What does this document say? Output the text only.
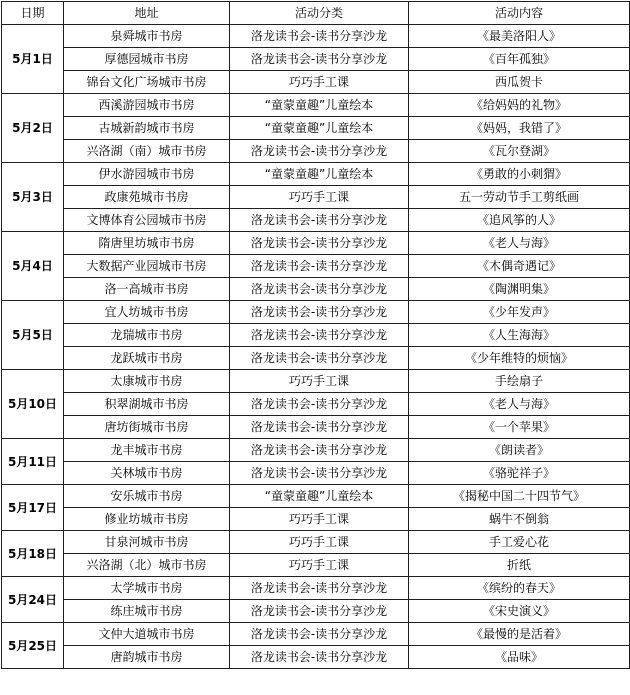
日期	地址	活动分类	活动内容
5月1日	泉舜城市书房	洛龙读书会-读书分享沙龙	《最美洛阳人》
	厚德园城市书房	洛龙读书会-读书分享沙龙	《百年孤独》
	锦台文化广场城市书房	巧巧手工课	西瓜贺卡
5月2日	西溪游园城市书房	“童蒙童趣”儿童绘本	《给妈妈的礼物》
	古城新韵城市书房	“童蒙童趣”儿童绘本	《妈妈，我错了》
	兴洛湖（南）城市书房	洛龙读书会-读书分享沙龙	《瓦尔登湖》
5月3日	伊水游园城市书房	“童蒙童趣”儿童绘本	《勇敢的小刺猬》
	政康苑城市书房	巧巧手工课	五一劳动节手工剪纸画
	文博体育公园城市书房	洛龙读书会-读书分享沙龙	《追风筝的人》
5月4日	隋唐里坊城市书房	洛龙读书会-读书分享沙龙	《老人与海》
	大数据产业园城市书房	洛龙读书会-读书分享沙龙	《木偶奇遇记》
	洛一高城市书房	洛龙读书会-读书分享沙龙	《陶渊明集》
5月5日	宜人坊城市书房	洛龙读书会-读书分享沙龙	《少年发声》
	龙瑞城市书房	洛龙读书会-读书分享沙龙	《人生海海》
	龙跃城市书房	洛龙读书会-读书分享沙龙	《少年维特的烦恼》
5月10日	太康城市书房	巧巧手工课	手绘扇子
	积翠湖城市书房	洛龙读书会-读书分享沙龙	《老人与海》
	唐坊街城市书房	洛龙读书会-读书分享沙龙	《一个苹果》
5月11日	龙丰城市书房	洛龙读书会-读书分享沙龙	《朗读者》
	关林城市书房	洛龙读书会-读书分享沙龙	《骆驼祥子》
5月17日	安乐城市书房	“童蒙童趣”儿童绘本	《揭秘中国二十四节气》
	修业坊城市书房	巧巧手工课	蜗牛不倒翁
5月18日	甘泉河城市书房	巧巧手工课	手工爱心花
	兴洛湖（北）城市书房	巧巧手工课	折纸
5月24日	太学城市书房	洛龙读书会-读书分享沙龙	《缤纷的春天》
	练庄城市书房	洛龙读书会-读书分享沙龙	《宋史演义》
5月25日	文仲大道城市书房	洛龙读书会-读书分享沙龙	《最慢的是活着》
	唐韵城市书房	洛龙读书会-读书分享沙龙	《品味》
